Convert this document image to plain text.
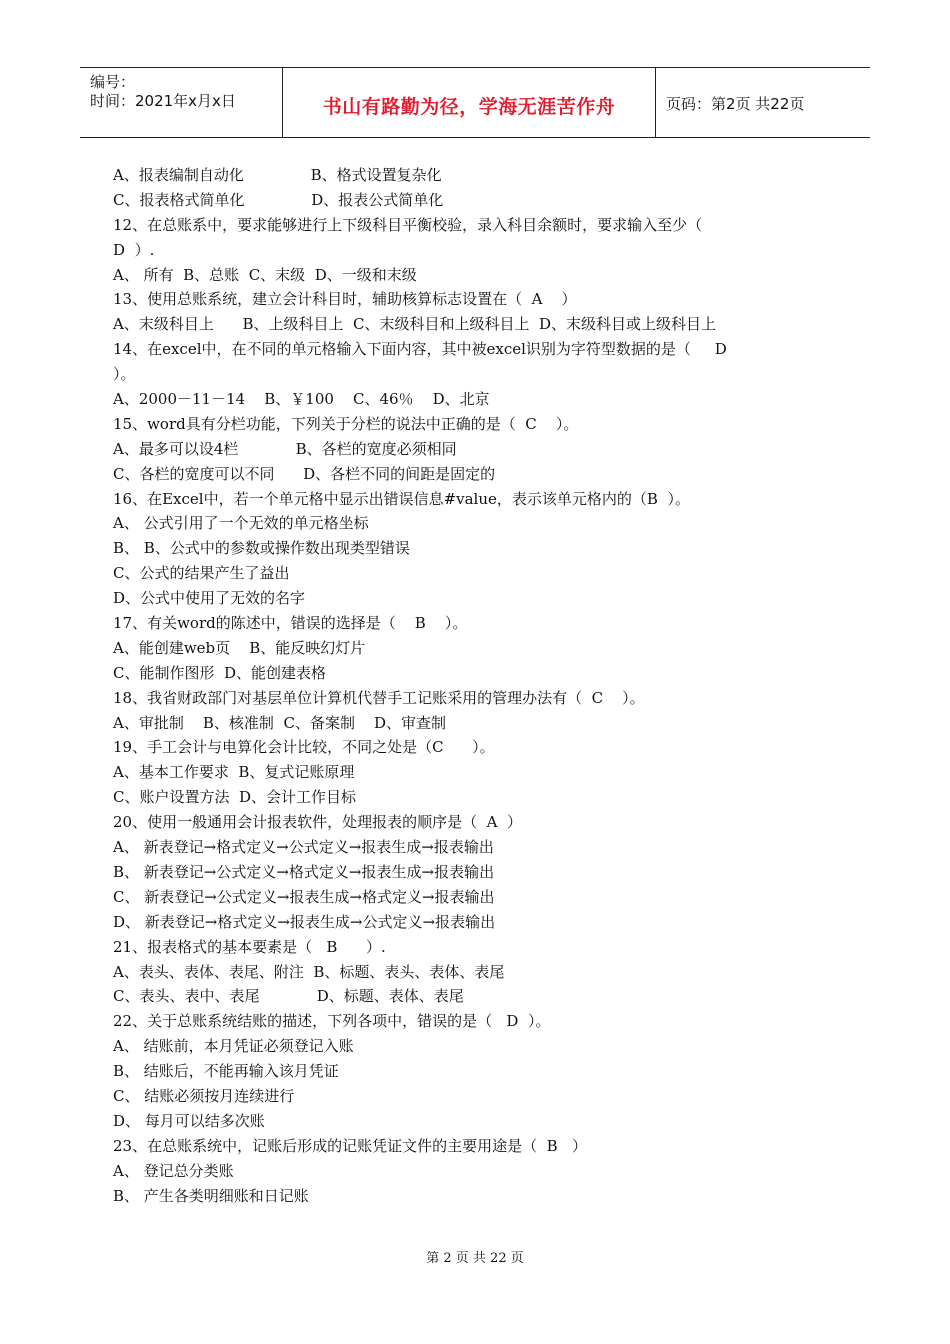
编号：
时间：2021年x月x日	书山有路勤为径，学海无涯苦作舟	页码：第2页 共22页
A、报表编制自动化              B、格式设置复杂化
C、报表格式简单化              D、报表公式简单化
12、在总账系中，要求能够进行上下级科目平衡校验，录入科目余额时，要求输入至少（
D  ）.
A、 所有  B、总账  C、末级  D、一级和末级
13、使用总账系统，建立会计科目时，辅助核算标志设置在（  A    ）
A、末级科目上      B、上级科目上  C、末级科目和上级科目上  D、末级科目或上级科目上
14、在excel中，在不同的单元格输入下面内容，其中被excel识别为字符型数据的是（     D
）。
A、2000－11－14    B、￥100    C、46％    D、北京
15、word具有分栏功能，下列关于分栏的说法中正确的是（  C    ）。
A、最多可以设4栏            B、各栏的宽度必须相同
C、各栏的宽度可以不同      D、各栏不同的间距是固定的
16、在Excel中，若一个单元格中显示出错误信息#value，表示该单元格内的（B  ）。
A、 公式引用了一个无效的单元格坐标
B、 B、公式中的参数或操作数出现类型错误
C、公式的结果产生了益出
D、公式中使用了无效的名字
17、有关word的陈述中，错误的选择是（    B    ）。
A、能创建web页    B、能反映幻灯片
C、能制作图形  D、能创建表格
18、我省财政部门对基层单位计算机代替手工记账采用的管理办法有（  C    ）。
A、审批制    B、核准制  C、备案制    D、审查制
19、手工会计与电算化会计比较，不同之处是（C      ）。
A、基本工作要求  B、复式记账原理
C、账户设置方法  D、会计工作目标
20、使用一般通用会计报表软件，处理报表的顺序是（  A  ）
A、 新表登记→格式定义→公式定义→报表生成→报表输出
B、 新表登记→公式定义→格式定义→报表生成→报表输出
C、 新表登记→公式定义→报表生成→格式定义→报表输出
D、 新表登记→格式定义→报表生成→公式定义→报表输出
21、报表格式的基本要素是（   B      ）.
A、表头、表体、表尾、附注  B、标题、表头、表体、表尾
C、表头、表中、表尾            D、标题、表体、表尾
22、关于总账系统结账的描述，下列各项中，错误的是（   D  ）。
A、 结账前，本月凭证必须登记入账
B、 结账后，不能再输入该月凭证
C、 结账必须按月连续进行
D、 每月可以结多次账
23、在总账系统中，记账后形成的记账凭证文件的主要用途是（  B   ）
A、 登记总分类账
B、 产生各类明细账和日记账
第 2 页 共 22 页
